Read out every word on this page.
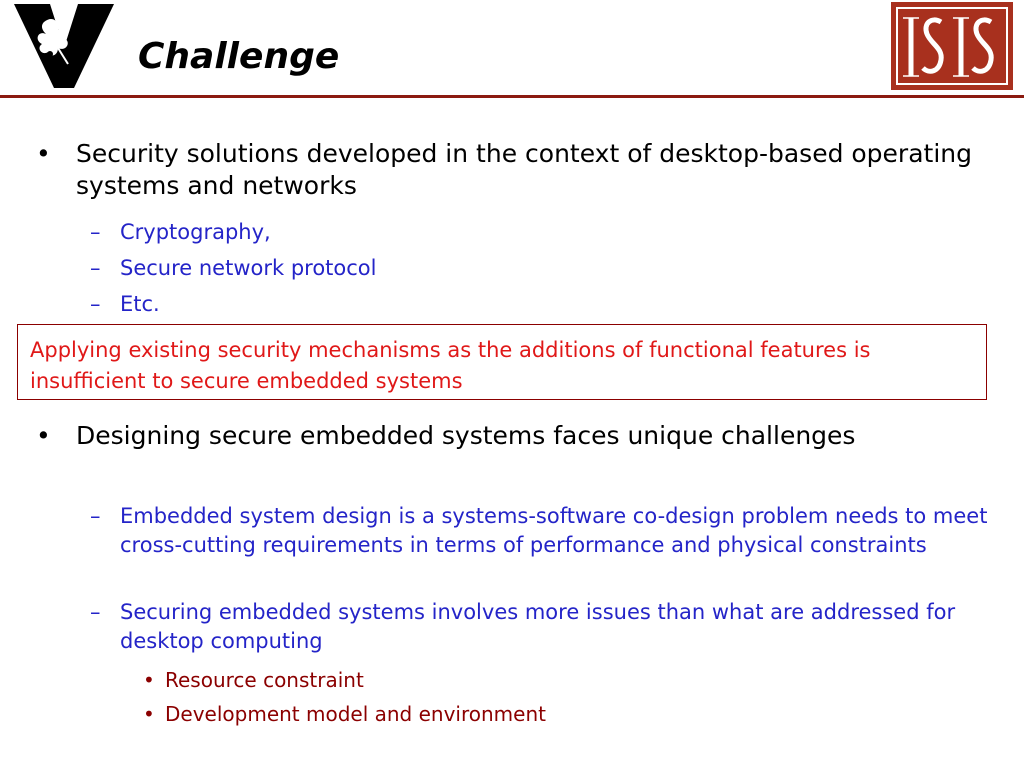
Challenge
• Security solutions developed in the context of desktop-based operating systems and networks
– Cryptography,
– Secure network protocol
– Etc.
Applying existing security mechanisms as the additions of functional features is insufficient to secure embedded systems
• Designing secure embedded systems faces unique challenges
– Embedded system design is a systems-software co-design problem needs to meet cross-cutting requirements in terms of performance and physical constraints
– Securing embedded systems involves more issues than what are addressed for desktop computing
• Resource constraint
• Development model and environment
